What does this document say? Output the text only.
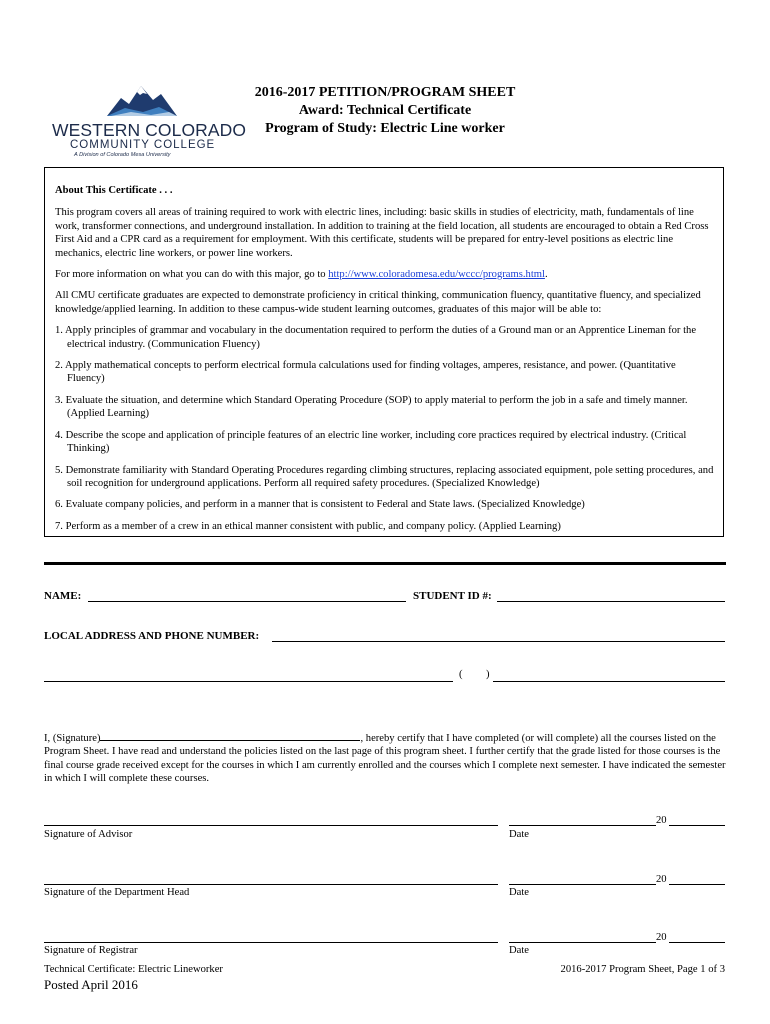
WESTERN COLORADO
COMMUNITY COLLEGE
A Division of Colorado Mesa University
2016-2017 PETITION/PROGRAM SHEET
Award: Technical Certificate
Program of Study: Electric Line worker

About This Certificate . . .

This program covers all areas of training required to work with electric lines, including: basic skills in studies of electricity, math, fundamentals of line work, transformer connections, and underground installation. In addition to training at the field location, all students are encouraged to obtain a Red Cross First Aid and a CPR card as a requirement for employment. With this certificate, students will be prepared for entry-level positions as electric line mechanics, electric line workers, or power line workers.

For more information on what you can do with this major, go to http://www.coloradomesa.edu/wccc/programs.html.

All CMU certificate graduates are expected to demonstrate proficiency in critical thinking, communication fluency, quantitative fluency, and specialized knowledge/applied learning. In addition to these campus-wide student learning outcomes, graduates of this major will be able to:

1. Apply principles of grammar and vocabulary in the documentation required to perform the duties of a Ground man or an Apprentice Lineman for the electrical industry. (Communication Fluency)

2. Apply mathematical concepts to perform electrical formula calculations used for finding voltages, amperes, resistance, and power. (Quantitative Fluency)

3. Evaluate the situation, and determine which Standard Operating Procedure (SOP) to apply material to perform the job in a safe and timely manner. (Applied Learning)

4. Describe the scope and application of principle features of an electric line worker, including core practices required by electrical industry. (Critical Thinking)

5. Demonstrate familiarity with Standard Operating Procedures regarding climbing structures, replacing associated equipment, pole setting procedures, and soil recognition for underground applications. Perform all required safety procedures. (Specialized Knowledge)

6. Evaluate company policies, and perform in a manner that is consistent to Federal and State laws. (Specialized Knowledge)

7. Perform as a member of a crew in an ethical manner consistent with public, and company policy. (Applied Learning)

NAME:	STUDENT ID #:
LOCAL ADDRESS AND PHONE NUMBER:
( )
I, (Signature)	, hereby certify that I have completed (or will complete) all the courses listed on the Program Sheet. I have read and understand the policies listed on the last page of this program sheet. I further certify that the grade listed for those courses is the final course grade received except for the courses in which I am currently enrolled and the courses which I complete next semester. I have indicated the semester in which I will complete these courses.
Signature of Advisor
20
Date
Signature of the Department Head
20
Date
Signature of Registrar
20
Date
Technical Certificate: Electric Lineworker	2016-2017 Program Sheet, Page 1 of 3
Posted April 2016
